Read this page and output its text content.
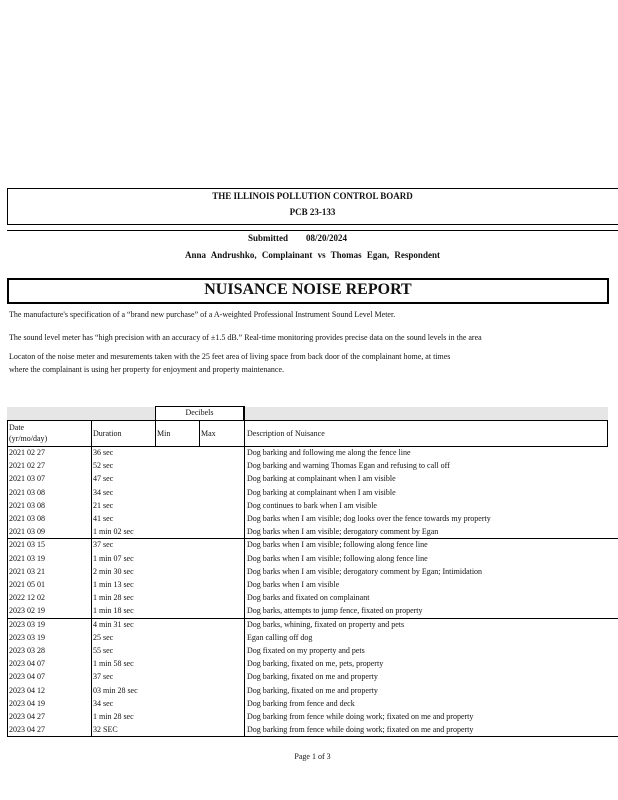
THE ILLINOIS POLLUTION CONTROL BOARD
PCB 23-133
Submitted 08/20/2024
Anna Andrushko, Complainant vs Thomas Egan, Respondent
NUISANCE NOISE REPORT
The manufacture's specification of a “brand new purchase” of a A-weighted Professional Instrument Sound Level Meter.
The sound level meter has “high precision with an accuracy of ±1.5 dB.” Real-time monitoring provides precise data on the sound levels in the area
Locaton of the noise meter and mesurements taken with the 25 feet area of living space from back door of the complainant home, at times
where the complainant is using her property for enjoyment and property maintenance.
Decibels
Date
(yr/mo/day)
Duration	Min	Max	Description of Nuisance
2021 02 27	36 sec	Dog barking and following me along the fence line
2021 02 27	52 sec	Dog barking and warning Thomas Egan and refusing to call off
2021 03 07	47 sec	Dog barking at complainant when I am visible
2021 03 08	34 sec	Dog barking at complainant when I am visible
2021 03 08	21 sec	Dog continues to bark when I am visible
2021 03 08	41 sec	Dog barks when I am visible; dog looks over the fence towards my property
2021 03 09	1 min 02 sec	Dog barks when I am visible; derogatory comment by Egan
2021 03 15	37 sec	Dog barks when I am visible; following along fence line
2021 03 19	1 min 07 sec	Dog barks when I am visible; following along fence line
2021 03 21	2 min 30 sec	Dog barks when I am visible; derogatory comment by Egan; Intimidation
2021 05 01	1 min 13 sec	Dog barks when I am visible
2022 12 02	1 min 28 sec	Dog barks and fixated on complainant
2023 02 19	1 min 18 sec	Dog barks, attempts to jump fence, fixated on property
2023 03 19	4 min 31 sec	Dog barks, whining, fixated on property and pets
2023 03 19	25 sec	Egan calling off dog
2023 03 28	55 sec	Dog fixated on my property and pets
2023 04 07	1 min 58 sec	Dog barking, fixated on me, pets, property
2023 04 07	37 sec	Dog barking, fixated on me and property
2023 04 12	03 min 28 sec	Dog barking, fixated on me and property
2023 04 19	34 sec	Dog barking from fence and deck
2023 04 27	1 min 28 sec	Dog barking from fence while doing work; fixated on me and property
2023 04 27	32 SEC	Dog barking from fence while doing work; fixated on me and property
Page 1 of 3
